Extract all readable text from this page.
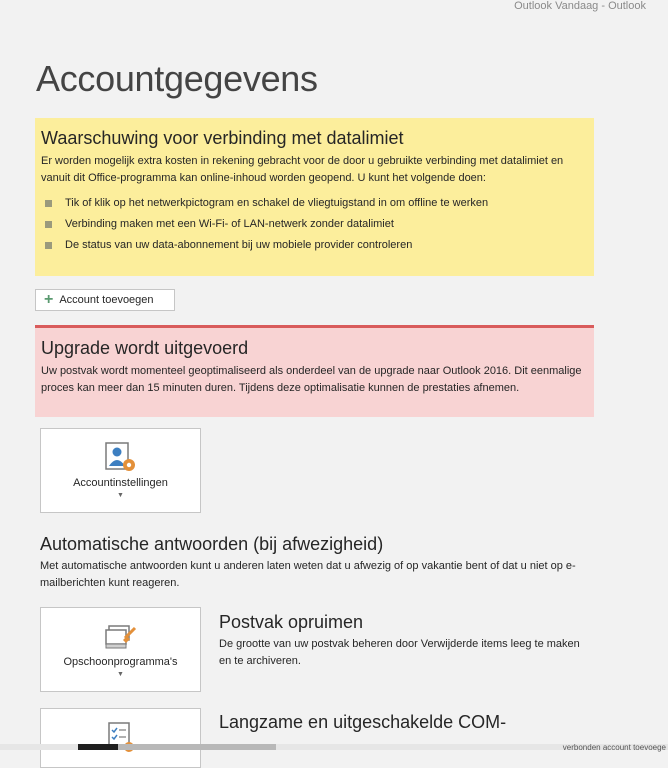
Outlook Vandaag - Outlook
Accountgegevens
Waarschuwing voor verbinding met datalimiet

Er worden mogelijk extra kosten in rekening gebracht voor de door u gebruikte verbinding met datalimiet en vanuit dit Office-programma kan online-inhoud worden geopend. U kunt het volgende doen:

Tik of klik op het netwerkpictogram en schakel de vliegtuigstand in om offline te werken
Verbinding maken met een Wi-Fi- of LAN-netwerk zonder datalimiet
De status van uw data-abonnement bij uw mobiele provider controleren
+ Account toevoegen
Upgrade wordt uitgevoerd

Uw postvak wordt momenteel geoptimaliseerd als onderdeel van de upgrade naar Outlook 2016. Dit eenmalige proces kan meer dan 15 minuten duren. Tijdens deze optimalisatie kunnen de prestaties afnemen.

Accountinstellingen
▼
Automatische antwoorden (bij afwezigheid)
Met automatische antwoorden kunt u anderen laten weten dat u afwezig of op vakantie bent of dat u niet op e-mailberichten kunt reageren.
Opschoonprogramma's
▼
Postvak opruimen
De grootte van uw postvak beheren door Verwijderde items leeg te maken en te archiveren.
Langzame en uitgeschakelde COM-
verbonden account toevoege
